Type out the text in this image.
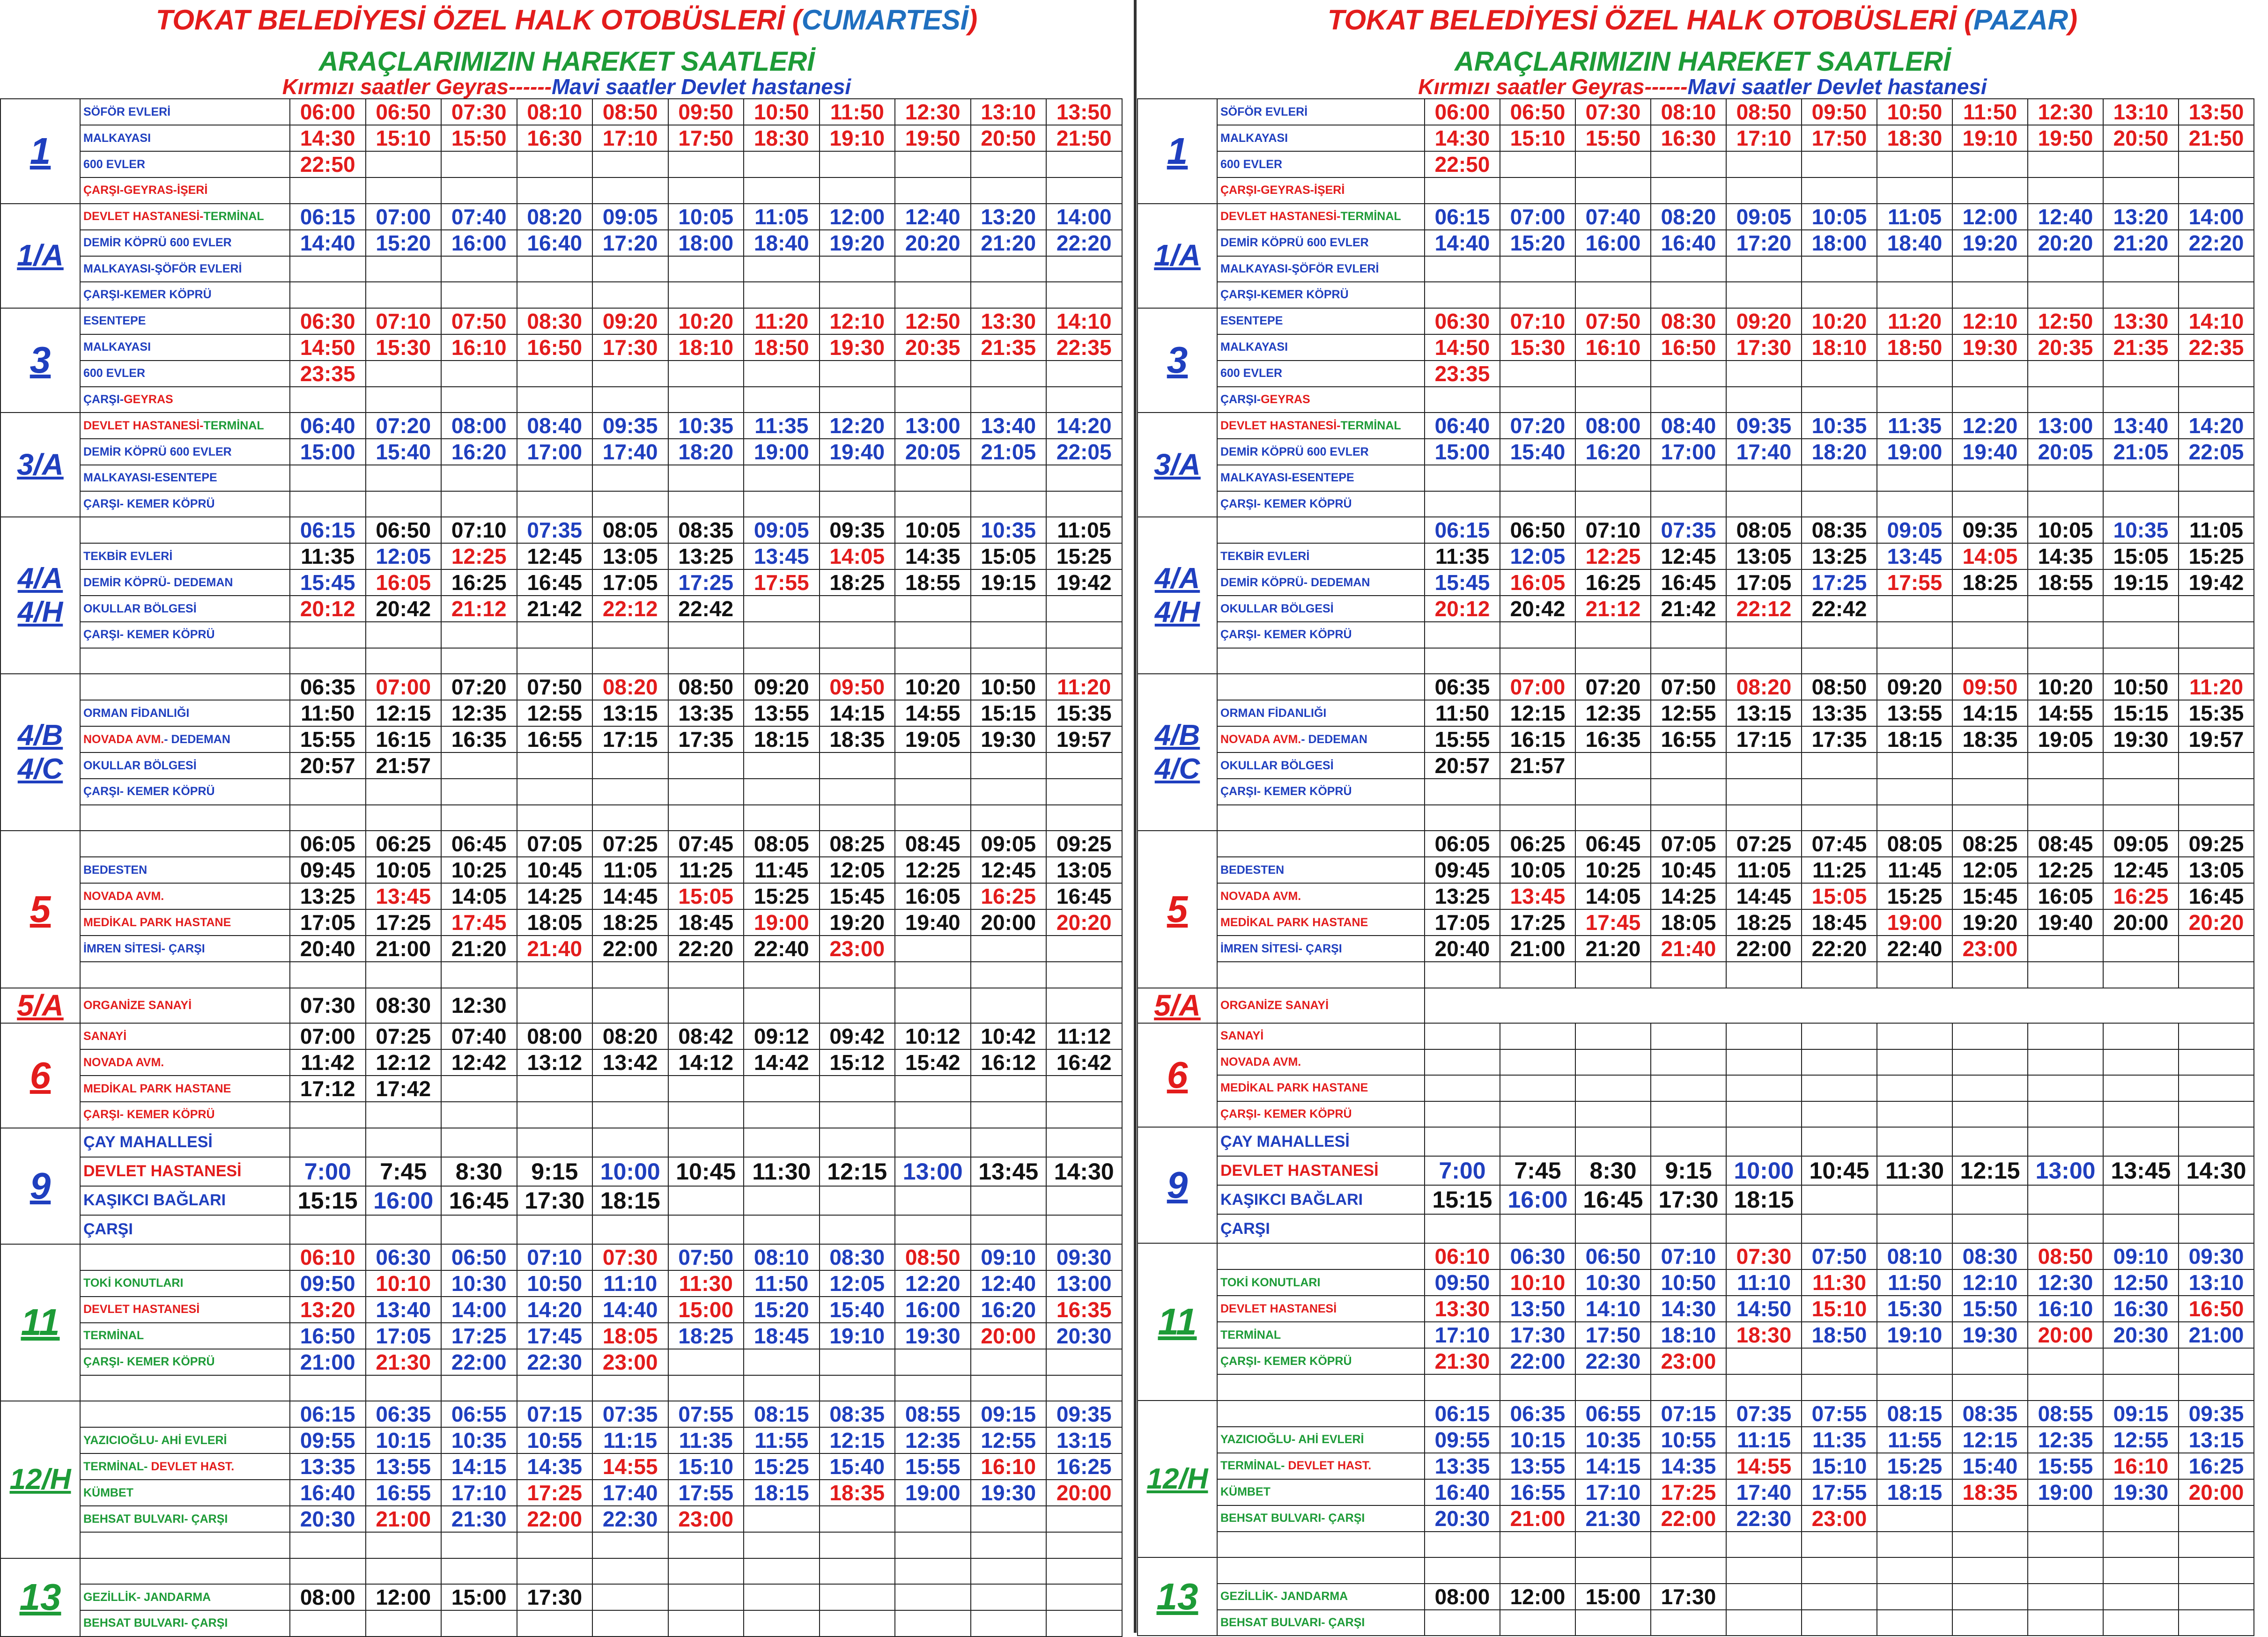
TOKAT BELEDİYESİ ÖZEL HALK OTOBÜSLERİ (CUMARTESİ)
ARAÇLARIMIZIN HAREKET SAATLERİ
Kırmızı saatler Geyras------Mavi saatler Devlet hastanesi
1	SÖFÖR EVLERİ	06:00	06:50	07:30	08:10	08:50	09:50	10:50	11:50	12:30	13:10	13:50
	MALKAYASI	14:30	15:10	15:50	16:30	17:10	17:50	18:30	19:10	19:50	20:50	21:50
	600 EVLER	22:50										
	ÇARŞI-GEYRAS-İŞERİ											
1/A	DEVLET HASTANESİ-TERMİNAL	06:15	07:00	07:40	08:20	09:05	10:05	11:05	12:00	12:40	13:20	14:00
	DEMİR KÖPRÜ 600 EVLER	14:40	15:20	16:00	16:40	17:20	18:00	18:40	19:20	20:20	21:20	22:20
	MALKAYASI-ŞÖFÖR EVLERİ											
	ÇARŞI-KEMER KÖPRÜ											
3	ESENTEPE	06:30	07:10	07:50	08:30	09:20	10:20	11:20	12:10	12:50	13:30	14:10
	MALKAYASI	14:50	15:30	16:10	16:50	17:30	18:10	18:50	19:30	20:35	21:35	22:35
	600 EVLER	23:35										
	ÇARŞI-GEYRAS											
3/A	DEVLET HASTANESİ-TERMİNAL	06:40	07:20	08:00	08:40	09:35	10:35	11:35	12:20	13:00	13:40	14:20
	DEMİR KÖPRÜ 600 EVLER	15:00	15:40	16:20	17:00	17:40	18:20	19:00	19:40	20:05	21:05	22:05
	MALKAYASI-ESENTEPE											
	ÇARŞI- KEMER KÖPRÜ											
4/A
4/H		06:15	06:50	07:10	07:35	08:05	08:35	09:05	09:35	10:05	10:35	11:05
	TEKBİR EVLERİ	11:35	12:05	12:25	12:45	13:05	13:25	13:45	14:05	14:35	15:05	15:25
	DEMİR KÖPRÜ- DEDEMAN	15:45	16:05	16:25	16:45	17:05	17:25	17:55	18:25	18:55	19:15	19:42
	OKULLAR BÖLGESİ	20:12	20:42	21:12	21:42	22:12	22:42					
	ÇARŞI- KEMER KÖPRÜ											

4/B
4/C		06:35	07:00	07:20	07:50	08:20	08:50	09:20	09:50	10:20	10:50	11:20
	ORMAN FİDANLIĞI	11:50	12:15	12:35	12:55	13:15	13:35	13:55	14:15	14:55	15:15	15:35
	NOVADA AVM.- DEDEMAN	15:55	16:15	16:35	16:55	17:15	17:35	18:15	18:35	19:05	19:30	19:57
	OKULLAR BÖLGESİ	20:57	21:57									
	ÇARŞI- KEMER KÖPRÜ											

5		06:05	06:25	06:45	07:05	07:25	07:45	08:05	08:25	08:45	09:05	09:25
	BEDESTEN	09:45	10:05	10:25	10:45	11:05	11:25	11:45	12:05	12:25	12:45	13:05
	NOVADA AVM.	13:25	13:45	14:05	14:25	14:45	15:05	15:25	15:45	16:05	16:25	16:45
	MEDİKAL PARK HASTANE	17:05	17:25	17:45	18:05	18:25	18:45	19:00	19:20	19:40	20:00	20:20
	İMREN SİTESİ- ÇARŞI	20:40	21:00	21:20	21:40	22:00	22:20	22:40	23:00			

5/A	ORGANİZE SANAYİ	07:30	08:30	12:30								
6	SANAYİ	07:00	07:25	07:40	08:00	08:20	08:42	09:12	09:42	10:12	10:42	11:12
	NOVADA AVM.	11:42	12:12	12:42	13:12	13:42	14:12	14:42	15:12	15:42	16:12	16:42
	MEDİKAL PARK HASTANE	17:12	17:42									
	ÇARŞI- KEMER KÖPRÜ											
9	ÇAY MAHALLESİ											
	DEVLET HASTANESİ	7:00	7:45	8:30	9:15	10:00	10:45	11:30	12:15	13:00	13:45	14:30
	KAŞIKCI BAĞLARI	15:15	16:00	16:45	17:30	18:15						
	ÇARŞI											
11		06:10	06:30	06:50	07:10	07:30	07:50	08:10	08:30	08:50	09:10	09:30
	TOKİ KONUTLARI	09:50	10:10	10:30	10:50	11:10	11:30	11:50	12:05	12:20	12:40	13:00
	DEVLET HASTANESİ	13:20	13:40	14:00	14:20	14:40	15:00	15:20	15:40	16:00	16:20	16:35
	TERMİNAL	16:50	17:05	17:25	17:45	18:05	18:25	18:45	19:10	19:30	20:00	20:30
	ÇARŞI- KEMER KÖPRÜ	21:00	21:30	22:00	22:30	23:00						

12/H		06:15	06:35	06:55	07:15	07:35	07:55	08:15	08:35	08:55	09:15	09:35
	YAZICIOĞLU- AHİ EVLERİ	09:55	10:15	10:35	10:55	11:15	11:35	11:55	12:15	12:35	12:55	13:15
	TERMİNAL- DEVLET HAST.	13:35	13:55	14:15	14:35	14:55	15:10	15:25	15:40	15:55	16:10	16:25
	KÜMBET	16:40	16:55	17:10	17:25	17:40	17:55	18:15	18:35	19:00	19:30	20:00
	BEHSAT BULVARI- ÇARŞI	20:30	21:00	21:30	22:00	22:30	23:00					

13												
	GEZİLLİK- JANDARMA	08:00	12:00	15:00	17:30							
	BEHSAT BULVARI- ÇARŞI											
TOKAT BELEDİYESİ ÖZEL HALK OTOBÜSLERİ (PAZAR)
ARAÇLARIMIZIN HAREKET SAATLERİ
Kırmızı saatler Geyras------Mavi saatler Devlet hastanesi
1	SÖFÖR EVLERİ	06:00	06:50	07:30	08:10	08:50	09:50	10:50	11:50	12:30	13:10	13:50
	MALKAYASI	14:30	15:10	15:50	16:30	17:10	17:50	18:30	19:10	19:50	20:50	21:50
	600 EVLER	22:50										
	ÇARŞI-GEYRAS-İŞERİ											
1/A	DEVLET HASTANESİ-TERMİNAL	06:15	07:00	07:40	08:20	09:05	10:05	11:05	12:00	12:40	13:20	14:00
	DEMİR KÖPRÜ 600 EVLER	14:40	15:20	16:00	16:40	17:20	18:00	18:40	19:20	20:20	21:20	22:20
	MALKAYASI-ŞÖFÖR EVLERİ											
	ÇARŞI-KEMER KÖPRÜ											
3	ESENTEPE	06:30	07:10	07:50	08:30	09:20	10:20	11:20	12:10	12:50	13:30	14:10
	MALKAYASI	14:50	15:30	16:10	16:50	17:30	18:10	18:50	19:30	20:35	21:35	22:35
	600 EVLER	23:35										
	ÇARŞI-GEYRAS											
3/A	DEVLET HASTANESİ-TERMİNAL	06:40	07:20	08:00	08:40	09:35	10:35	11:35	12:20	13:00	13:40	14:20
	DEMİR KÖPRÜ 600 EVLER	15:00	15:40	16:20	17:00	17:40	18:20	19:00	19:40	20:05	21:05	22:05
	MALKAYASI-ESENTEPE											
	ÇARŞI- KEMER KÖPRÜ											
4/A
4/H		06:15	06:50	07:10	07:35	08:05	08:35	09:05	09:35	10:05	10:35	11:05
	TEKBİR EVLERİ	11:35	12:05	12:25	12:45	13:05	13:25	13:45	14:05	14:35	15:05	15:25
	DEMİR KÖPRÜ- DEDEMAN	15:45	16:05	16:25	16:45	17:05	17:25	17:55	18:25	18:55	19:15	19:42
	OKULLAR BÖLGESİ	20:12	20:42	21:12	21:42	22:12	22:42					
	ÇARŞI- KEMER KÖPRÜ											

4/B
4/C		06:35	07:00	07:20	07:50	08:20	08:50	09:20	09:50	10:20	10:50	11:20
	ORMAN FİDANLIĞI	11:50	12:15	12:35	12:55	13:15	13:35	13:55	14:15	14:55	15:15	15:35
	NOVADA AVM.- DEDEMAN	15:55	16:15	16:35	16:55	17:15	17:35	18:15	18:35	19:05	19:30	19:57
	OKULLAR BÖLGESİ	20:57	21:57									
	ÇARŞI- KEMER KÖPRÜ											

5		06:05	06:25	06:45	07:05	07:25	07:45	08:05	08:25	08:45	09:05	09:25
	BEDESTEN	09:45	10:05	10:25	10:45	11:05	11:25	11:45	12:05	12:25	12:45	13:05
	NOVADA AVM.	13:25	13:45	14:05	14:25	14:45	15:05	15:25	15:45	16:05	16:25	16:45
	MEDİKAL PARK HASTANE	17:05	17:25	17:45	18:05	18:25	18:45	19:00	19:20	19:40	20:00	20:20
	İMREN SİTESİ- ÇARŞI	20:40	21:00	21:20	21:40	22:00	22:20	22:40	23:00			

5/A	ORGANİZE SANAYİ											
6	SANAYİ											
	NOVADA AVM.											
	MEDİKAL PARK HASTANE											
	ÇARŞI- KEMER KÖPRÜ											
9	ÇAY MAHALLESİ											
	DEVLET HASTANESİ	7:00	7:45	8:30	9:15	10:00	10:45	11:30	12:15	13:00	13:45	14:30
	KAŞIKCI BAĞLARI	15:15	16:00	16:45	17:30	18:15						
	ÇARŞI											
11		06:10	06:30	06:50	07:10	07:30	07:50	08:10	08:30	08:50	09:10	09:30
	TOKİ KONUTLARI	09:50	10:10	10:30	10:50	11:10	11:30	11:50	12:10	12:30	12:50	13:10
	DEVLET HASTANESİ	13:30	13:50	14:10	14:30	14:50	15:10	15:30	15:50	16:10	16:30	16:50
	TERMİNAL	17:10	17:30	17:50	18:10	18:30	18:50	19:10	19:30	20:00	20:30	21:00
	ÇARŞI- KEMER KÖPRÜ	21:30	22:00	22:30	23:00							

12/H		06:15	06:35	06:55	07:15	07:35	07:55	08:15	08:35	08:55	09:15	09:35
	YAZICIOĞLU- AHİ EVLERİ	09:55	10:15	10:35	10:55	11:15	11:35	11:55	12:15	12:35	12:55	13:15
	TERMİNAL- DEVLET HAST.	13:35	13:55	14:15	14:35	14:55	15:10	15:25	15:40	15:55	16:10	16:25
	KÜMBET	16:40	16:55	17:10	17:25	17:40	17:55	18:15	18:35	19:00	19:30	20:00
	BEHSAT BULVARI- ÇARŞI	20:30	21:00	21:30	22:00	22:30	23:00					

13												
	GEZİLLİK- JANDARMA	08:00	12:00	15:00	17:30							
	BEHSAT BULVARI- ÇARŞI											
